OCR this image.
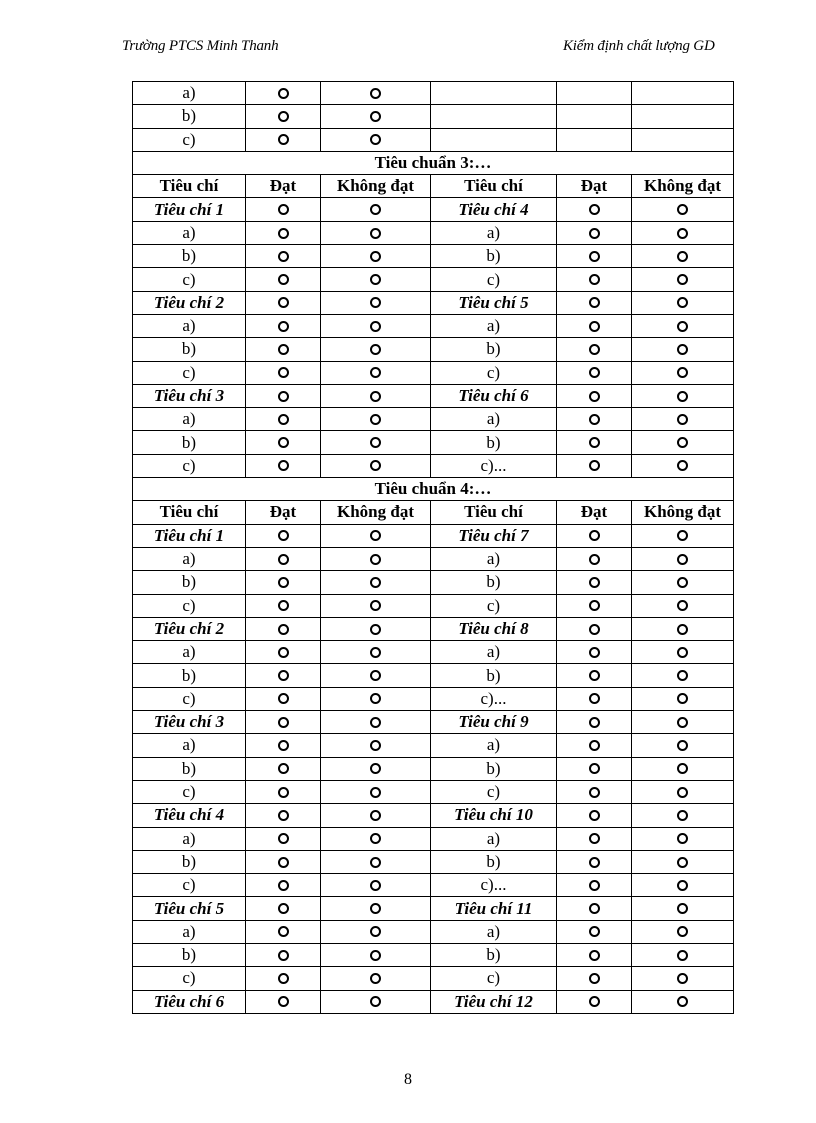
Trường PTCS Minh Thanh	Kiểm định chất lượng GD
a)					
b)					
c)					
Tiêu chuẩn 3:…					
Tiêu chí	Đạt	Không đạt	Tiêu chí	Đạt	Không đạt
Tiêu chí 1			Tiêu chí 4		
a)			a)		
b)			b)		
c)			c)		
Tiêu chí 2			Tiêu chí 5		
a)			a)		
b)			b)		
c)			c)		
Tiêu chí 3			Tiêu chí 6		
a)			a)		
b)			b)		
c)			c)...		
Tiêu chuẩn 4:…					
Tiêu chí	Đạt	Không đạt	Tiêu chí	Đạt	Không đạt
Tiêu chí 1			Tiêu chí 7		
a)			a)		
b)			b)		
c)			c)		
Tiêu chí 2			Tiêu chí 8		
a)			a)		
b)			b)		
c)			c)...		
Tiêu chí 3			Tiêu chí 9		
a)			a)		
b)			b)		
c)			c)		
Tiêu chí 4			Tiêu chí 10		
a)			a)		
b)			b)		
c)			c)...		
Tiêu chí 5			Tiêu chí 11		
a)			a)		
b)			b)		
c)			c)		
Tiêu chí 6			Tiêu chí 12		
8
